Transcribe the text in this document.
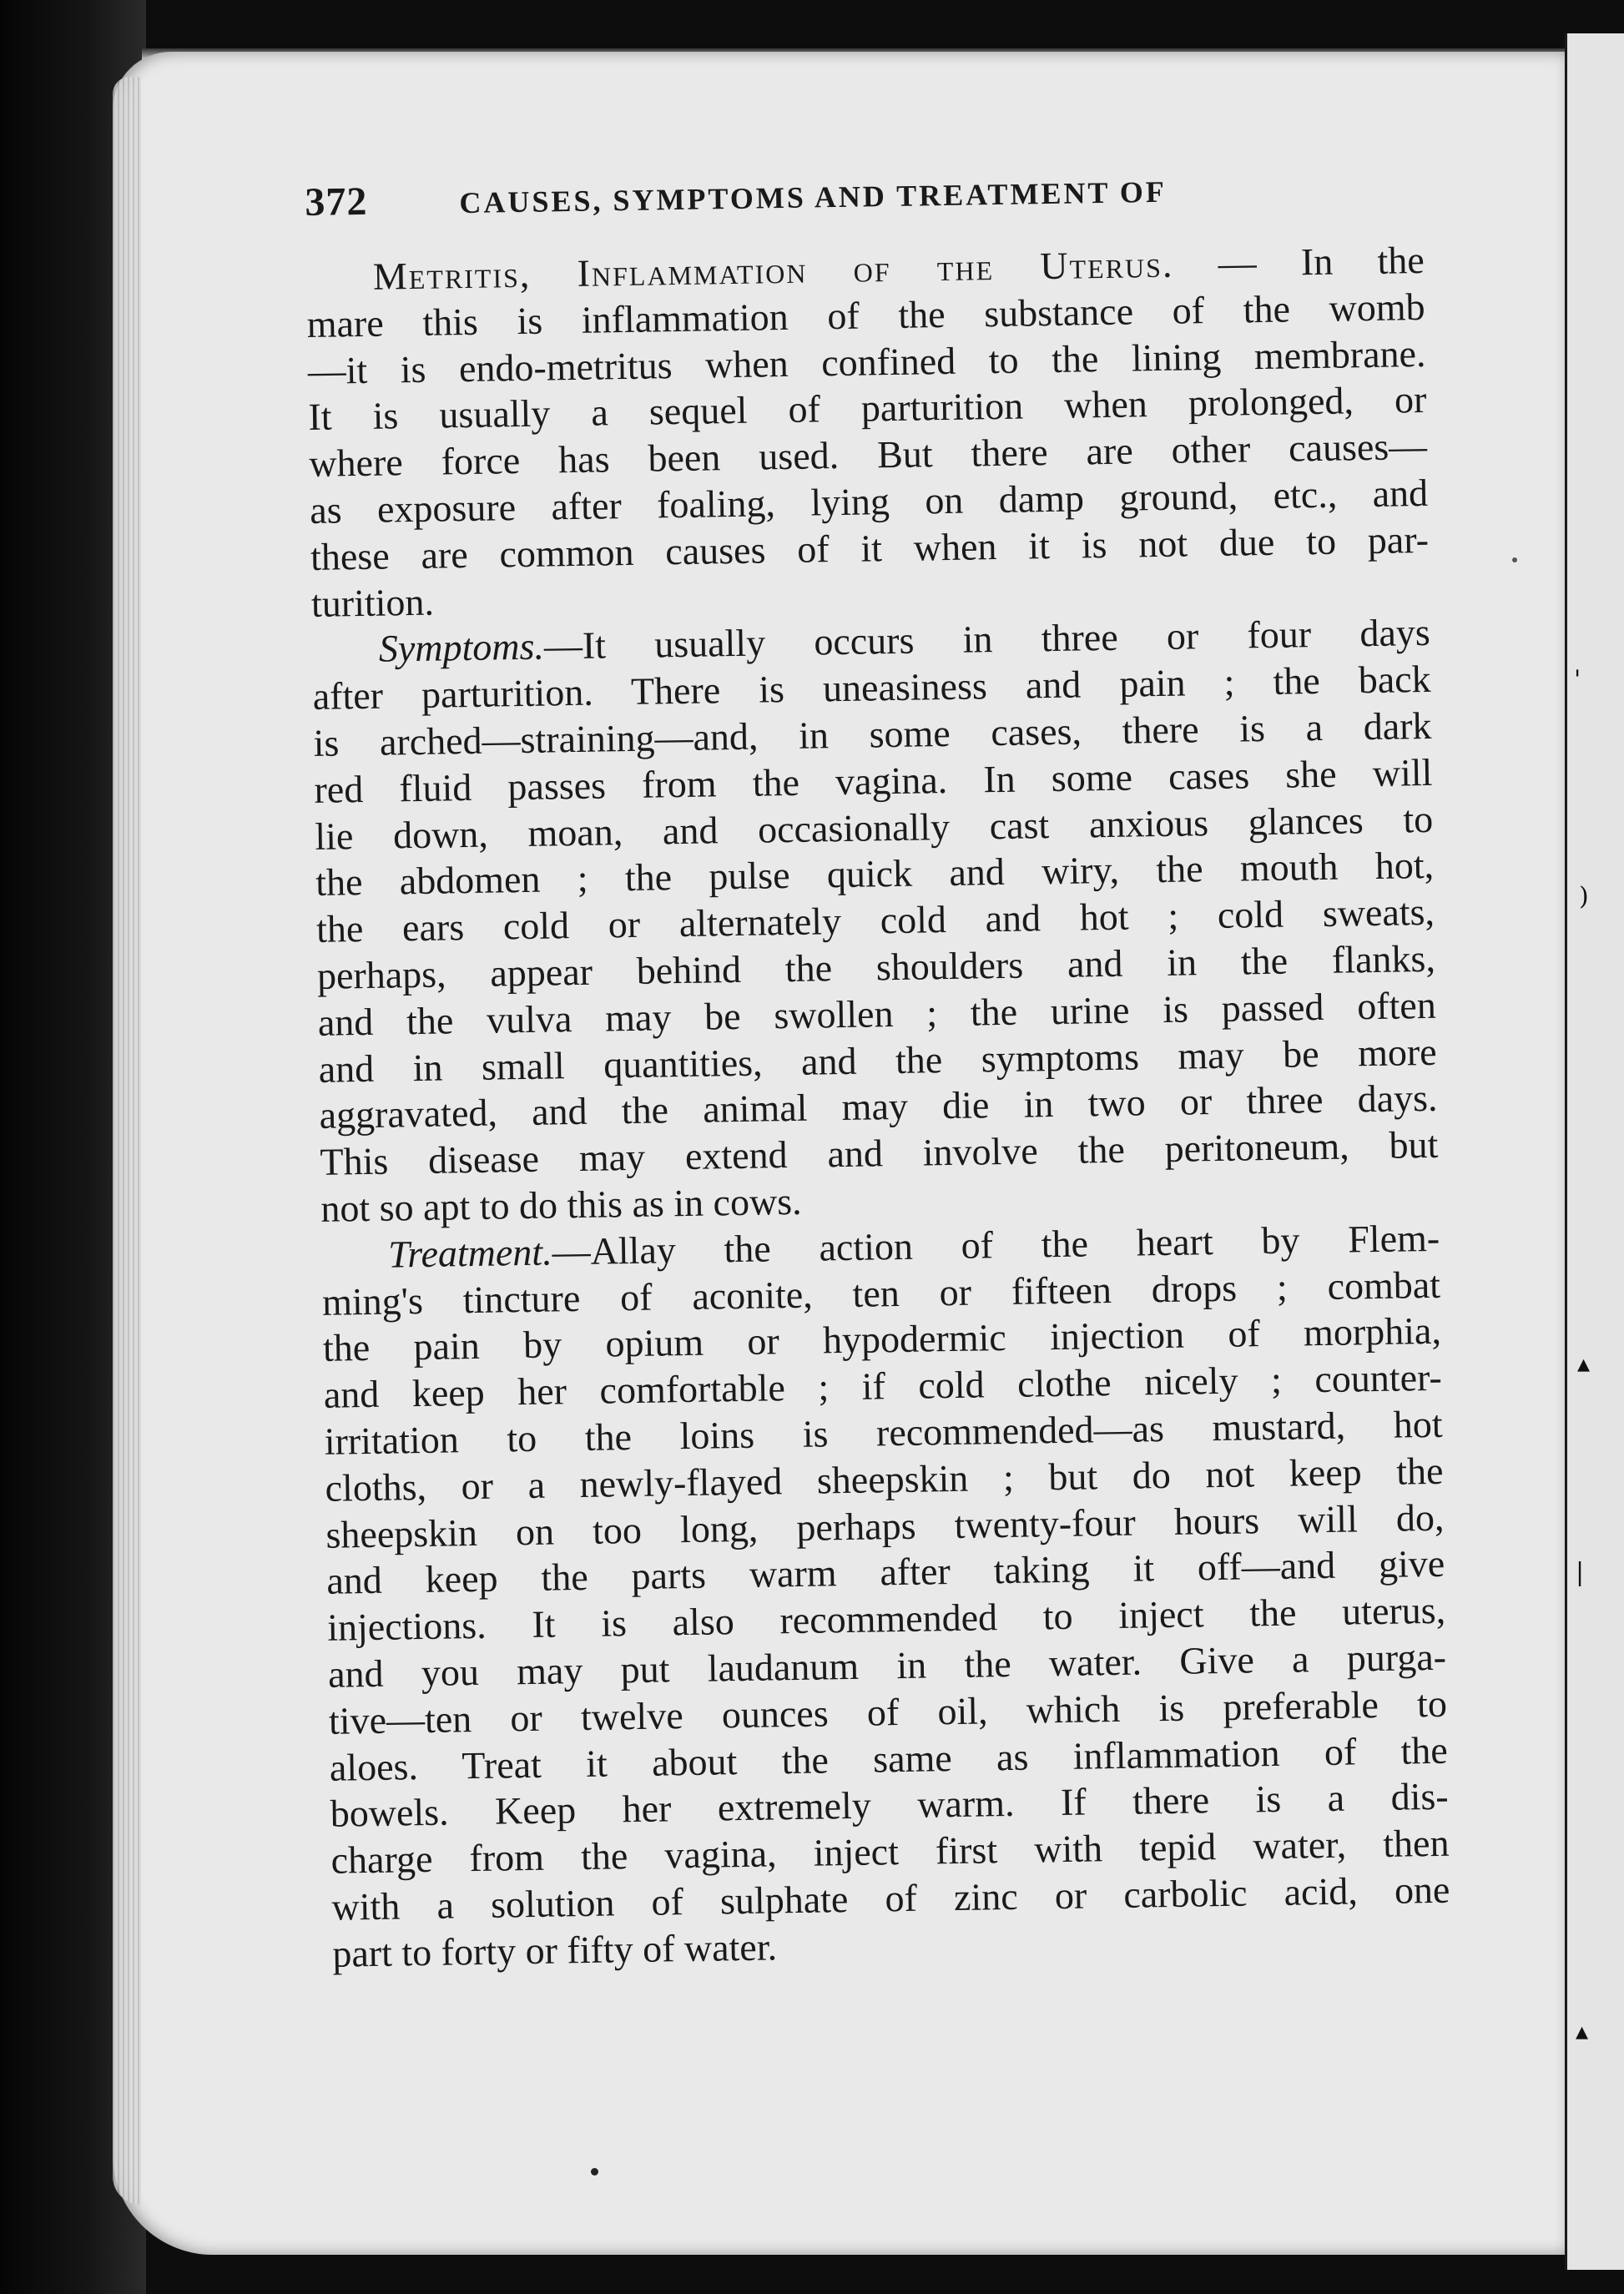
'
)
▴
|
▴
372	CAUSES, SYMPTOMS AND TREATMENT OF
Metritis, Inflammation of the Uterus. — In the
mare this is inflammation of the substance of the womb
—it is endo-metritus when confined to the lining membrane.
It is usually a sequel of parturition when prolonged, or
where force has been used. But there are other causes—
as exposure after foaling, lying on damp ground, etc., and
these are common causes of it when it is not due to par-
turition.
Symptoms.—It usually occurs in three or four days
after parturition. There is uneasiness and pain ; the back
is arched—straining—and, in some cases, there is a dark
red fluid passes from the vagina. In some cases she will
lie down, moan, and occasionally cast anxious glances to
the abdomen ; the pulse quick and wiry, the mouth hot,
the ears cold or alternately cold and hot ; cold sweats,
perhaps, appear behind the shoulders and in the flanks,
and the vulva may be swollen ; the urine is passed often
and in small quantities, and the symptoms may be more
aggravated, and the animal may die in two or three days.
This disease may extend and involve the peritoneum, but
not so apt to do this as in cows.
Treatment.—Allay the action of the heart by Flem-
ming's tincture of aconite, ten or fifteen drops ; combat
the pain by opium or hypodermic injection of morphia,
and keep her comfortable ; if cold clothe nicely ; counter-
irritation to the loins is recommended—as mustard, hot
cloths, or a newly-flayed sheepskin ; but do not keep the
sheepskin on too long, perhaps twenty-four hours will do,
and keep the parts warm after taking it off—and give
injections. It is also recommended to inject the uterus,
and you may put laudanum in the water. Give a purga-
tive—ten or twelve ounces of oil, which is preferable to
aloes. Treat it about the same as inflammation of the
bowels. Keep her extremely warm. If there is a dis-
charge from the vagina, inject first with tepid water, then
with a solution of sulphate of zinc or carbolic acid, one
part to forty or fifty of water.
